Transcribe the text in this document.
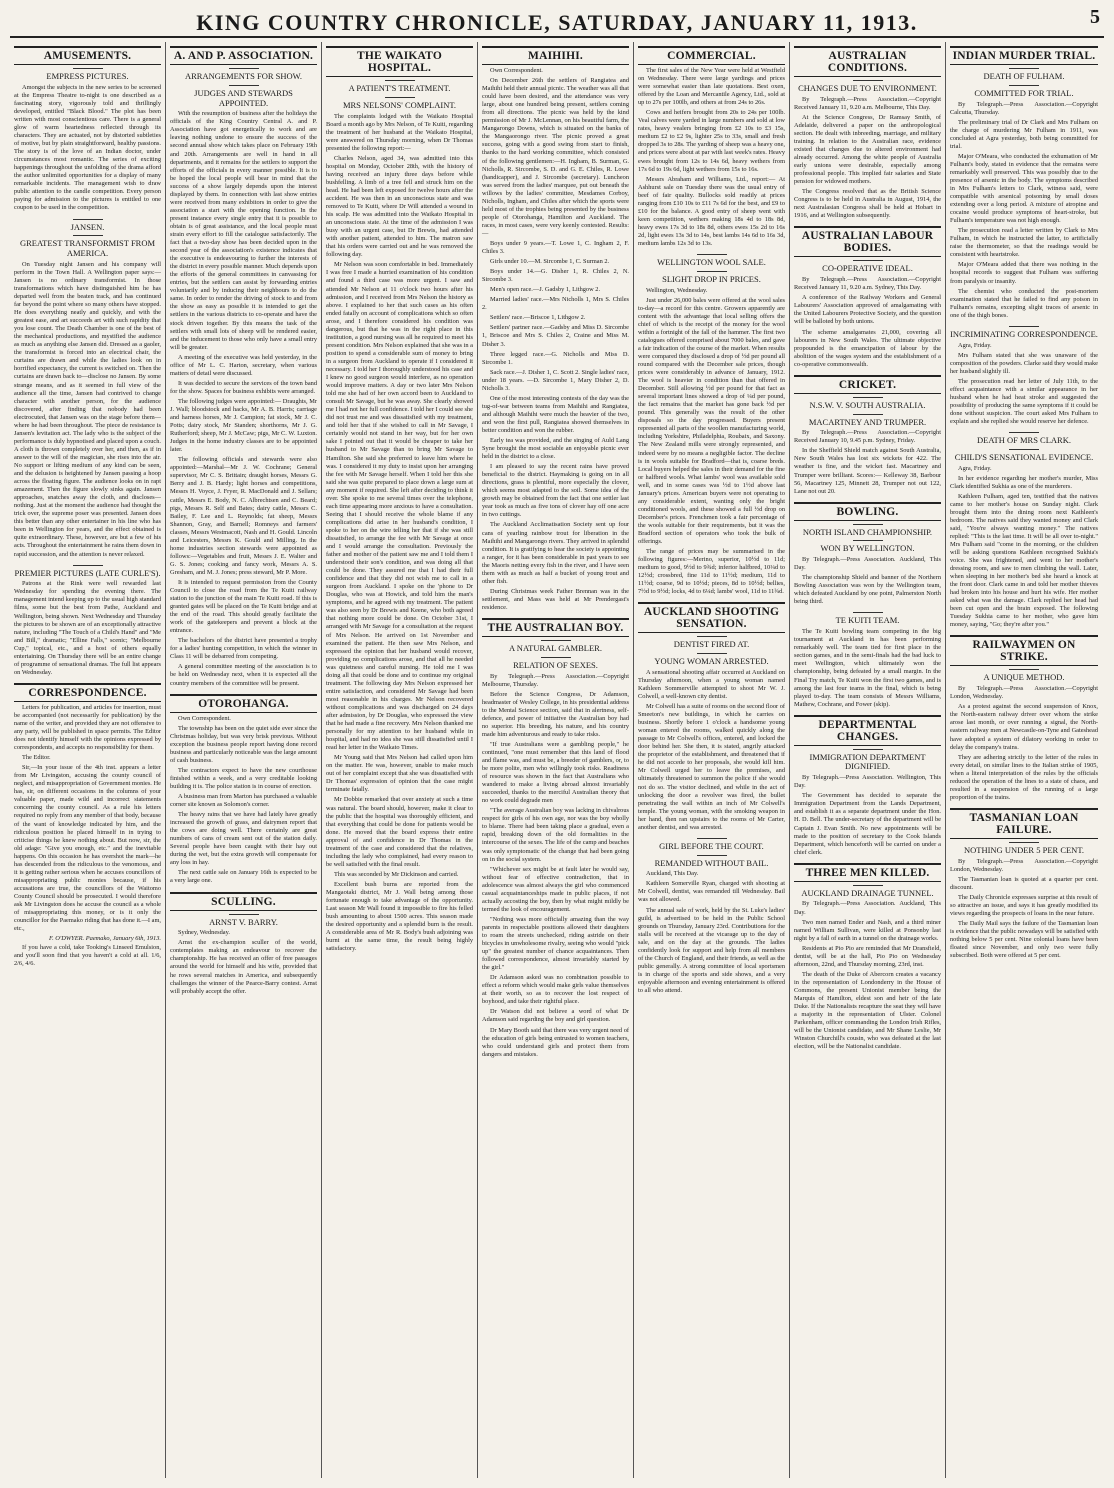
KING COUNTRY CHRONICLE, SATURDAY, JANUARY 11, 1913.	5
AMUSEMENTS.
EMPRESS PICTURES.

Amongst the subjects in the new series to be screened at the Empress Theatre to-night is one described as a fascinating story, vigorously told and thrillingly developed, entitled "Black Blood." The plot has been written with most conscientious care. There is a general glow of warm heartedness reflected through its characters. They are actuated, not by distorted subtleties of motive, but by plain straightforward, healthy passions. The story is of the love of an Indian doctor, under circumstances most romantic. The series of exciting happenings throughout the unfolding of the drama afford the author unlimited opportunities for a display of many remarkable incidents. The management wish to draw public attention to the candle competition. Every person paying for admission to the pictures is entitled to one coupon to be used in the competition.

JANSEN.
GREATEST TRANSFORMIST FROM AMERICA.

On Tuesday night Jansen and his company will perform in the Town Hall. A Wellington paper says:—Jansen is no ordinary transformist. In those transformations which have distinguished him he has departed well from the beaten track, and has continued far beyond the point where so many others have stopped. He does everything neatly and quickly, and with the greatest ease, and art succeeds art with such rapidity that you lose count. The Death Chamber is one of the best of the mechanical productions, and mystified the audience as much as anything else Jansen did. Dressed as a gaoler, the transformist is forced into an electrical chair, the curtains are drawn and while the ladies look on in horrified expectancy, the current is switched on. Then the curtains are drawn back to—disclose no Jansen. By some strange means, and as it seemed in full view of the audience all the time, Jansen had contrived to change character with another person, for the audience discovered, after finding that nobody had been electrocuted, that Jansen was on the stage before them—where he had been throughout. The piece de resistance is Jansen's levitation act. The lady who is the subject of the performance is duly hypnotised and placed upon a couch. A cloth is thrown completely over her, and then, as if in answer to the will of the magician, she rises into the air. No support or lifting medium of any kind can be seen, and the delusion is heightened by Jansen passing a hoop across the floating figure. The audience looks on in rapt amazement. Then the figure slowly sinks again. Jansen approaches, snatches away the cloth, and discloses—nothing. Just at the moment the audience had thought the trick over, the supreme poser was presented. Jansen does this better than any other entertainer in his line who has been in Wellington for years, and the effect obtained is quite extraordinary. These, however, are but a few of his acts. Throughout the entertainment he rains them down in rapid succession, and the attention is never relaxed.

PREMIER PICTURES (LATE CURLE'S).

Patrons at the Rink were well rewarded last Wednesday for spending the evening there. The management intend keeping up to the usual high standard films, some but the best from Pathe, Auckland and Wellington, being shown. Next Wednesday and Thursday the pictures to be shown are of an exceptionally attractive nature, including "The Touch of a Child's Hand" and "Me and Bill," dramatic; "Elline Falls," scenic; "Melbourne Cup," topical, etc., and a host of others equally entertaining. On Thursday there will be an entire change of programme of sensational dramas. The full list appears on Wednesday.

CORRESPONDENCE.

Letters for publication, and articles for insertion, must be accompanied (not necessarily for publication) by the name of the writer, and provided they are not offensive to any party, will be published in space permits. The Editor does not identify himself with the opinions expressed by correspondents, and accepts no responsibility for them.

The Editor.

Sir,—In your issue of the 4th inst. appears a letter from Mr Livingston, accusing the county council of neglect, and misappropriation of Government monies. He has, sir, on different occasions in the columns of your valuable paper, made wild and incorrect statements concerning the county council. As a rule his letters required no reply from any member of that body, because of the want of knowledge indicated by him, and the ridiculous position he placed himself in in trying to criticise things he knew nothing about. But now, sir, the old adage: "Give you enough, etc." and the inevitable happens. On this occasion he has overshot the mark—he has descended from the ridiculous to the venomous, and it is getting rather serious when he accuses councillors of misappropriating public monies because, if his accusations are true, the councillors of the Waitomo County Council should be prosecuted. I would therefore ask Mr Livingston does he accuse the council as a whole of misappropriating this money, or is it only the councillor for the Paemako riding that has done it.—I am, etc.,

F. O'DWYER. Paemako, January 6th, 1913.

If you have a cold, take Tooking's Linseed Emulsion, and you'll soon find that you haven't a cold at all. 1/6, 2/6, 4/6.

A. AND P. ASSOCIATION.
ARRANGEMENTS FOR SHOW.
JUDGES AND STEWARDS APPOINTED.

With the resumption of business after the holidays the officials of the King Country Central A. and P. Association have got energetically to work and are leaving nothing undone to ensure the success of the second annual show which takes place on February 19th and 20th. Arrangements are well in hand in all departments, and it remains for the settlers to support the efforts of the officials in every manner possible. It is to be hoped the local people will bear in mind that the success of a show largely depends upon the interest displayed by them. In connection with last show entries were received from many exhibitors in order to give the association a start with the opening function. In the present instance every single entry that it is possible to obtain is of great assistance, and the local people must strain every effort to fill the catalogue satisfactorily. The fact that a two-day show has been decided upon in the second year of the association's existence indicates that the executive is endeavouring to further the interests of the district in every possible manner. Much depends upon the efforts of the general committees in canvassing for entries, but the settlers can assist by forwarding entries voluntarily and by inducing their neighbours to do the same. In order to render the driving of stock to and from the show as easy as possible it is intended to get the settlers in the various districts to co-operate and have the stock driven together. By this means the task of the settlers with small lots of sheep will be rendered easier, and the inducement to those who only have a small entry will be greater.

A meeting of the executive was held yesterday, in the office of Mr L. C. Harton, secretary, when various matters of detail were discussed.

It was decided to secure the services of the town band for the show. Spaces for business exhibits were arranged.

The following judges were appointed:— Draughts, Mr J. Wall; bloodstock and hacks, Mr A. B. Harris; carriage and harness horses, Mr J. Campion; fat stock, Mr J. C. Potts; dairy stock, Mr Standen; shorthorns, Mr J. G. Rutherford; sheep, Mr J. McCaw; pigs, Mr C. W. Luxton. Judges in the home industry classes are to be appointed later.

The following officials and stewards were also appointed:—Marshal—Mr J. W. Cochrane; General supervisor, Mr C. S. Brittain; draught horses, Messrs G. Berry and J. B. Hardy; light horses and competitions, Messrs H. Voyce, J. Fryer, R. MacDonald and J. Sellars; cattle, Messrs E. Body, N. C. Albrechtsen and C. Beard; pigs, Messrs R. Self and Bates; dairy cattle, Messrs C. Bailey, F. Lee and L. Reynolds; fat sheep, Messrs Shannon, Gray, and Barnell; Romneys and farmers' classes, Messrs Westmacott, Nash and H. Gould. Lincoln and Leicesters, Messrs K. Gould and Milling. In the home industries section stewards were appointed as follows:—Vegetables and fruit, Messrs J. E. Walter and G. S. Jones; cooking and fancy work, Messrs A. S. Gresham, and M. J. Jones; press steward, Mr P. More.

It is intended to request permission from the County Council to close the road from the Te Kuiti railway station to the junction of the main Te Kuiti road. If this is granted gates will be placed on the Te Kuiti bridge and at the end of the road. This should greatly facilitate the work of the gatekeepers and prevent a block at the entrance.

The bachelors of the district have presented a trophy for a ladies' hunting competition, in which the winner in Class 11 will be debarred from competing.

A general committee meeting of the association is to be held on Wednesday next, when it is expected all the country members of the committee will be present.

OTOROHANGA.

Own Correspondent.

The township has been on the quiet side ever since the Christmas holiday, but was very brisk previous. Without exception the business people report having done record business and particularly noticeable was the large amount of cash business.

The contractors expect to have the new courthouse finished within a week, and a very creditable looking building it is. The police station is in course of erection.

A business man from Marton has purchased a valuable corner site known as Solomon's corner.

The heavy rains that we have had lately have greatly increased the growth of grass, and dairymen report that the cows are doing well. There certainly are great numbers of cans of cream sent out of the station daily. Several people have been caught with their hay out during the wet, but the extra growth will compensate for any loss in hay.

The next cattle sale on January 16th is expected to be a very large one.

SCULLING.
ARNST V. BARRY.

Sydney, Wednesday.

Arnst the ex-champion sculler of the world, contemplates making an endeavour to recover the championship. He has received an offer of free passages around the world for himself and his wife, provided that he rows several matches in America, and subsequently challenges the winner of the Pearce-Barry contest. Arnst will probably accept the offer.

THE WAIKATO HOSPITAL.
A PATIENT'S TREATMENT.
MRS NELSONS' COMPLAINT.

The complaints lodged with the Waikato Hospital Board a month ago by Mrs Nelson, of Te Kuiti, regarding the treatment of her husband at the Waikato Hospital, were answered on Thursday morning, when Dr Thomas presented the following report:—

Charles Nelson, aged 34, was admitted into this hospital on Monday, October 28th, with the history of having received an injury three days before while bushfelling. A limb of a tree fell and struck him on the head. He had been left exposed for twelve hours after the accident. He was then in an unconscious state and was removed to Te Kuiti, where Dr Will attended a wound in his scalp. He was admitted into the Waikato Hospital in an unconscious state. At the time of the admission I was busy with an urgent case, but Dr Brewis, had attended with another patient, attended to him. The matron saw that his orders were carried out and he was removed the following day.

Mr Nelson was soon comfortable in bed. Immediately I was free I made a hurried examination of his condition and found a third case was more urgent. I saw and attended Mr Nelson at 11 o'clock two hours after his admission, and I received from Mrs Nelson the history as above. I explained to her that such cases as his often ended fatally on account of complications which so often arose, and I therefore considered his condition was dangerous, but that he was in the right place in this institution, a good nursing was all he required to meet his present condition. Mrs Nelson explained that she was in a position to spend a considerable sum of money to bring in a surgeon from Auckland to operate if I considered it necessary. I told her I thoroughly understood his case and I knew no good surgeon would interfere, as no operation would improve matters. A day or two later Mrs Nelson told me she had of her own accord been to Auckland to consult Mr Savage, but he was away. She clearly showed me I had not her full confidence. I told her I could see she did not trust me and was dissatisfied with my treatment, and told her that if she wished to call in Mr Savage, I certainly would not stand in her way, but for her own sake I pointed out that it would be cheaper to take her husband to Mr Savage than to bring Mr Savage to Hamilton. She said she preferred to leave him where he was. I considered it my duty to insist upon her arranging the fee with Mr Savage herself. When I told her this she said she was quite prepared to place down a large sum at any moment if required. She left after deciding to think it over. She spoke to me several times over the telephone, each time appearing more anxious to have a consultation. Seeing that I should receive the whole blame if any complications did arise in her husband's condition, I spoke to her on the wire telling her that if she was still dissatisfied, to arrange the fee with Mr Savage at once and I would arrange the consultation. Previously the father and mother of the patient saw me and I told them I understood their son's condition, and was doing all that could be done. They assured me that I had their full confidence and that they did not wish me to call in a surgeon from Auckland. I spoke on the 'phone to Dr Douglas, who was at Howick, and told him the man's symptoms, and he agreed with my treatment. The patient was also seen by Dr Brewis and Keene, who both agreed that nothing more could be done. On October 31st, I arranged with Mr Savage for a consultation at the request of Mrs Nelson. He arrived on 1st November and examined the patient. He then saw Mrs Nelson, and expressed the opinion that her husband would recover, providing no complications arose, and that all he needed was quietness and careful nursing. He told me I was doing all that could be done and to continue my original treatment. The following day Mrs Nelson expressed her entire satisfaction, and considered Mr Savage had been most reasonable in his charges. Mr Nelson recovered without complications and was discharged on 24 days after admission, by Dr Douglas, who expressed the view that he had made a fine recovery. Mrs Nelson thanked me personally for my attention to her husband while in hospital, and had no idea she was still dissatisfied until I read her letter in the Waikato Times.

Mr Young said that Mrs Nelson had called upon him on the matter. He was, however, unable to make much out of her complaint except that she was dissatisfied with Dr Thomas' expression of opinion that the case might terminate fatally.

Mr Dobbie remarked that over anxiety at such a time was natural. The board should, however, make it clear to the public that the hospital was thoroughly efficient, and that everything that could be done for patients would be done. He moved that the board express their entire approval of and confidence in Dr Thomas in the treatment of the case and considered that the relatives, including the lady who complained, had every reason to be well satisfied with the final result.

This was seconded by Mr Dickinson and carried.

Excellent bush burns are reported from the Mangaotaki district, Mr J. Wall being among those fortunate enough to take advantage of the opportunity. Last season Mr Wall found it impossible to fire his felled bush amounting to about 1500 acres. This season made the desired opportunity and a splendid burn is the result. A considerable area of Mr R. Body's bush adjoining was burnt at the same time, the result being highly satisfactory.

MAIHIHI.

Own Correspondent.

On December 26th the settlers of Rangiatea and Maihihi held their annual picnic. The weather was all that could have been desired, and the attendance was very large, about one hundred being present, settlers coming from all directions. The picnic was held by the kind permission of Mr J. McLennan, on his beautiful farm, the Mangarongo Downs, which is situated on the banks of the Mangaorongo river. The picnic proved a great success, going with a good swing from start to finish, thanks to the hard working committee, which consisted of the following gentlemen:—H. Ingham, B. Surman, G. Nicholls, R. Sircombe, S. D. and G. E. Chiles, R. Lowe (handicapper), and J. Sircombe (secretary). Luncheon was served from the ladies' marquee, put out beneath the willows by the ladies' committee, Mesdames Corboy, Nicholls, Ingham, and Chiles after which the sports were held most of the trophies being presented by the business people of Otorohanga, Hamilton and Auckland. The races, in most cases, were very keenly contested. Results:—

Boys under 9 years.—T. Lowe 1, C. Ingham 2, F. Chiles 3.

Girls under 10.—M. Sircombe 1, C. Surman 2.

Boys under 14.—G. Disher 1, R. Chiles 2, N. Sircombe 3.

Men's open race.—J. Gadsby 1, Lithgow 2.

Married ladies' race.—Mrs Nicholls 1, Mrs S. Chiles 2.

Settlers' race.—Briscoe 1, Lithgow 2.

Settlers' partner race.—Gadsby and Miss D. Sircombe 1, Briscoe and Mrs S. Chiles 2, Craine and Miss M. Disher 3.

Three legged race.—G. Nicholls and Miss D. Sircombe 1.

Sack race.—J. Disher 1, C. Scott 2. Single ladies' race, under 18 years. —D. Sircombe 1, Mary Disher 2, D. Nicholls 3.

One of the most interesting contests of the day was the tug-of-war between teams from Maihihi and Rangiatea, and although Maihihi were much the heavier of the two, and won the first pull, Rangiatea showed themselves in better condition and won the rubber.

Early tea was provided, and the singing of Auld Lang Syne brought the most sociable an enjoyable picnic ever held in the district to a close.

I am pleased to say the recent rains have proved beneficial to the district. Haymaking is going on in all directions, grass is plentiful, more especially the clover, which seems most adapted to the soil. Some idea of the growth may be obtained from the fact that one settler last year took as much as five tons of clover hay off one acre in two cuttings.

The Auckland Acclimatisation Society sent up four cans of yearling rainbow trout for liberation in the Maihihi and Mangarongo rivers. They arrived in splendid condition. It is gratifying to hear the society is appointing a ranger, for it has been considerable in past years to see the Maoris netting every fish in the river, and I have seen them with as much as half a bucket of young trout and other fish.

During Christmas week Father Brennan was in the settlement, and Mass was held at Mr Prendergast's residence.

THE AUSTRALIAN BOY.
A NATURAL GAMBLER.
RELATION OF SEXES.

By Telegraph.—Press Association.—Copyright Melbourne, Thursday.

Before the Science Congress, Dr Adamson, headmaster of Wesley College, in his presidential address to the Mental Science section, said that in alertness, self-defence, and power of initiative the Australian boy had no superior. His breeding, his nature, and his country made him adventurous and ready to take risks.

"If true Australians were a gambling people," he continued, "one must remember that this land of flood and flame was, and must be, a breeder of gamblers, or, to be more polite, men who willingly took risks. Readiness of resource was shown in the fact that Australians who wandered to make a living abroad almost invariably succeeded, thanks to the merciful Australian theory that no work could degrade men

"The average Australian boy was lacking in chivalrous respect for girls of his own age, nor was the boy wholly to blame. There had been taking place a gradual, even a rapid, breaking down of the old formalities in the intercourse of the sexes. The life of the camp and beaches was only symptomatic of the change that had been going on in the social system.

"Whichever sex might be at fault later he would say, without fear of effective contradiction, that in adolescence was almost always the girl who commenced casual acquaintanceships made in public places, if not actually accosting the boy, then by what might mildly be termed the look of encouragement.

"Nothing was more officially amazing than the way parents in respectable positions allowed their daughters to roam the streets unchecked, riding astride on their bicycles in unwholesome rivalry, seeing who would "pick up" the greatest number of chance acquaintances. Then followed correspondence, almost invariably started by the girl."

Dr Adamson asked was no combination possible to effect a reform which would make girls value themselves at their worth, so as to recover the lost respect of boyhood, and take their rightful place.

Dr Watson did not believe a word of what Dr Adamson said regarding the boy and girl question.

Dr Mary Booth said that there was very urgent need of the education of girls being entrusted to women teachers, who could understand girls and protect them from dangers and mistakes.

COMMERCIAL.

The first sales of the New Year were held at Westfield on Wednesday. There were large yardings and prices were somewhat easier than late quotations. Best oxen, offered by the Loan and Mercantile Agency, Ltd., sold at up to 27s per 100lb, and others at from 24s to 26s.

Cows and heifers brought from 20s to 24s per 100lb. Veal calves were yarded in large numbers and sold at low rates, heavy vealers bringing from £2 10s to £3 15s, medium £2 to £2 9s, lighter 25s to 33s, small and fresh dropped 3s to 28s. The yarding of sheep was a heavy one, and prices were about at par with last week's rates. Heavy ewes brought from 12s to 14s 6d, heavy wethers from 17s 6d to 19s 6d, light wethers from 15s to 16s.

Messrs Abraham and Williams, Ltd., report:— At Ashhurst sale on Tuesday there was the usual entry of beef of fair quality. Bullocks sold readily at prices ranging from £10 10s to £11 7s 6d for the best, and £9 to £10 for the balance. A good entry of sheep went with keen competition, wethers making 18s 4d to 18s 8d, heavy ewes 17s 3d to 18s 8d, others ewes 15s 2d to 16s 2d, light ewes 13s 3d to 14s, best lambs 14s 6d to 16s 3d, medium lambs 12s 3d to 13s.

WELLINGTON WOOL SALE.
SLIGHT DROP IN PRICES.

Wellington, Wednesday.

Just under 26,000 bales were offered at the wool sales to-day—a record for this centre. Growers apparently are content with the advantage that local selling offers the chief of which is the receipt of the money for the wool within a fortnight of the fall of the hammer. The first two catalogues offered comprised about 7000 bales, and gave a fair indication of the course of the market. When results were compared they disclosed a drop of ½d per pound all round compared with the December sale prices, though prices were considerably in advance of January, 1912. The wool is heavier in condition than that offered in December. Still allowing ½d per pound for that fact as several important lines showed a drop of ¼d per pound, the fact remains that the market has gone back ½d per pound. This generally was the result of the other disposals so the day progressed. Buyers present represented all parts of the woollen manufacturing world, including Yorkshire, Philadelphia, Roubaix, and Saxony. The New Zealand mills were strongly represented, and indeed were by no means a negligible factor. The decline is in wools suitable for Bradford—that is, coarse breds. Local buyers helped the sales in their demand for the fine or halfbred wools. What lambs' wool was available sold well, and in some cases was ½d to 1½d above last January's prices. American buyers were not operating to any considerable extent, wanting only the bright conditioned wools, and these showed a full ½d drop on December's prices. Frenchmen took a fair percentage of the wools suitable for their requirements, but it was the Bradford section of operators who took the bulk of offerings.

The range of prices may be summarised in the following figures:—Merino, superior, 10½d to 11d; medium to good, 9½d to 9¾d; inferior halfbred, 10¼d to 12½d; crossbred, fine 11d to 11½d; medium, 11d to 11½d; coarse, 9d to 10½d; pieces, 8d to 10½d; bellies, 7½d to 9½d; locks, 4d to 6¼d; lambs' wool, 11d to 11¾d.

AUCKLAND SHOOTING SENSATION.
DENTIST FIRED AT.
YOUNG WOMAN ARRESTED.

A sensational shooting affair occurred at Auckland on Thursday afternoon, when a young woman named Kathleen Sommerville attempted to shoot Mr W. J. Colwell, a well-known city dentist.

Mr Colwell has a suite of rooms on the second floor of Smeeton's new buildings, in which he carries on business. Shortly before 1 o'clock a handsome young woman entered the rooms, walked quickly along the passage to Mr Colwell's offices, entered, and locked the door behind her. She then, it is stated, angrily attacked the proprietor of the establishment, and threatened that if he did not accede to her proposals, she would kill him. Mr Colwell urged her to leave the premises, and ultimately threatened to summon the police if she would not do so. The visitor declined, and while in the act of unlocking the door a revolver was fired, the bullet penetrating the wall within an inch of Mr Colwell's temple. The young woman, with the smoking weapon in her hand, then ran upstairs to the rooms of Mr Carter, another dentist, and was arrested.

GIRL BEFORE THE COURT.
REMANDED WITHOUT BAIL.

Auckland, This Day.

Kathleen Somerville Ryan, charged with shooting at Mr Colwell, dentist, was remanded till Wednesday. Bail was not allowed.

The annual sale of work, held by the St. Luke's ladies' guild, is advertised to be held in the Public School grounds on Thursday, January 23rd. Contributions for the stalls will be received at the vicarage up to the day of sale, and on the day at the grounds. The ladies confidently look for support and help from all members of the Church of England, and their friends, as well as the public generally. A strong committee of local sportsmen is in charge of the sports and side shows, and a very enjoyable afternoon and evening entertainment is offered to all who attend.

AUSTRALIAN CONDITIONS.
CHANGES DUE TO ENVIRONMENT.

By Telegraph.—Press Association.—Copyright Received January 11, 9.20 a.m. Melbourne, This Day.

At the Science Congress, Dr Ramsay Smith, of Adelaide, delivered a paper on the anthropological section. He dealt with inbreeding, marriage, and military training. In relation to the Australian race, evidence existed that changes due to altered environment had already occurred. Among the white people of Australia early unions were desirable, especially among professional people. This implied fair salaries and State pension for widowed mothers.

The Congress resolved that as the British Science Congress is to be held in Australia in August, 1914, the next Australasian Congress shall be held at Hobart in 1916, and at Wellington subsequently.

AUSTRALIAN LABOUR BODIES.
CO-OPERATIVE IDEAL.

By Telegraph.—Press Association.—Copyright Received January 11, 9.20 a.m. Sydney, This Day.

A conference of the Railway Workers and General Labourers' Association approved of amalgamating with the United Labourers Protective Society, and the question will be balloted by both unions.

The scheme amalgamates 21,000, covering all labourers in New South Wales. The ultimate objective propounded is the emancipation of labour by the abolition of the wages system and the establishment of a co-operative commonwealth.

CRICKET.
N.S.W. V. SOUTH AUSTRALIA.
MACARTNEY AND TRUMPER.

By Telegraph.—Press Association.—Copyright Received January 10, 9.45 p.m. Sydney, Friday.

In the Sheffield Shield match against South Australia, New South Wales has lost six wickets for 422. The weather is fine, and the wicket fast. Macartney and Trumper were brilliant. Scores:— Kelleway 38, Barbour 56, Macartney 125, Minnett 28, Trumper not out 122, Lane not out 20.

BOWLING.
NORTH ISLAND CHAMPIONSHIP.
WON BY WELLINGTON.

By Telegraph.—Press Association. Auckland, This Day.

The championship Shield and banner of the Northern Bowling Association was won by the Wellington team, which defeated Auckland by one point, Palmerston North being third.

TE KUITI TEAM.

The Te Kuiti bowling team competing in the big tournament at Auckland in has been performing remarkably well. The team tied for first place in the section games, and in the semi-finals had the bad luck to meet Wellington, which ultimately won the championship, being defeated by a small margin. In the Final Try match, Te Kuiti won the first two games, and is among the last four teams in the final, which is being played to-day. The team consists of Messrs Williams, Mathew, Cochrane, and Fower (skip).

DEPARTMENTAL CHANGES.
IMMIGRATION DEPARTMENT DIGNIFIED.

By Telegraph.—Press Association. Wellington, This Day.

The Government has decided to separate the Immigration Department from the Lands Department, and establish it as a separate department under the Hon. H. D. Bell. The under-secretary of the department will be Captain J. Evan Smith. No new appointments will be made to the position of secretary to the Cook Islands Department, which henceforth will be carried on under a chief clerk.

THREE MEN KILLED.
AUCKLAND DRAINAGE TUNNEL.

By Telegraph.—Press Association. Auckland, This Day.

Two men named Ender and Nash, and a third miner named William Sullivan, were killed at Ponsonby last night by a fall of earth in a tunnel on the drainage works.

Residents at Pio Pio are reminded that Mr Dransfield, dentist, will be at the hall, Pio Pio on Wednesday afternoon, 22nd, and Thursday morning, 23rd, inst.

The death of the Duke of Abercorn creates a vacancy in the representation of Londonderry in the House of Commons, the present Unionist member being the Marquis of Hamilton, eldest son and heir of the late Duke. If the Nationalists recapture the seat they will have a majority in the representation of Ulster. Colonel Parkenham, officer commanding the London Irish Rifles, will be the Unionist candidate, and Mr Shane Leslie, Mr Winston Churchill's cousin, who was defeated at the last election, will be the Nationalist candidate.

INDIAN MURDER TRIAL.
DEATH OF FULHAM.
COMMITTED FOR TRIAL.

By Telegraph.—Press Association.—Copyright Calcutta, Thursday.

The preliminary trial of Dr Clark and Mrs Fulham on the charge of murdering Mr Fulham in 1911, was concluded at Agra yesterday, both being committed for trial.

Major O'Meara, who conducted the exhumation of Mr Fulham's body, stated in evidence that the remains were remarkably well preserved. This was possibly due to the presence of arsenic in the body. The symptoms described in Mrs Fulham's letters to Clark, witness said, were compatible with arsenical poisoning by small doses extending over a long period. A mixture of atropine and cocaine would produce symptoms of heart-stroke, but Fulham's temperature was not high enough.

The prosecution read a letter written by Clark to Mrs Fulham, in which he instructed the latter, to artificially raise the thermometer, so that the readings would be consistent with heartstroke.

Major O'Meara added that there was nothing in the hospital records to suggest that Fulham was suffering from paralysis or insanity.

The chemist who conducted the post-mortem examination stated that he failed to find any poison in Fulham's remains, excepting slight traces of arsenic in one of the thigh bones.

INCRIMINATING CORRESPONDENCE.

Agra, Friday.

Mrs Fulham stated that she was unaware of the composition of the powders. Clarke said they would make her husband slightly ill.

The prosecution read her letter of July 11th, to the effect acquaintance with a similar appearance in her husband when he had heat stroke and suggested the possibility of producing the same symptoms if it could be done without suspicion. The court asked Mrs Fulham to explain and she replied she would reserve her defence.

DEATH OF MRS CLARK.
CHILD'S SENSATIONAL EVIDENCE.

Agra, Friday.

In her evidence regarding her mother's murder, Miss Clark identified Sukhia as one of the murderers.

Kathleen Fulham, aged ten, testified that the natives came to her mother's house on Sunday night. Clark brought them into the dining room next Kathleen's bedroom. The natives said they wanted money and Clark said, "You're always wanting money." The natives replied: "This is the last time. It will be all over to-night." Mrs Fulham said "come in the morning, or the children will be asking questions Kathleen recognised Sukhia's voice. She was frightened, and went to her mother's dressing room, and saw to men climbing the wall. Later, when sleeping in her mother's bed she heard a knock at the front door. Clark came in and told her mother thieves had broken into his house and hurt his wife. Her mother asked what was the damage. Clark replied her head had been cut open and the brain exposed. The following Tuesday Sukhia came to her mother, who gave him money, saying, "Go; they're after you."

RAILWAYMEN ON STRIKE.
A UNIQUE METHOD.

By Telegraph.—Press Association.—Copyright London, Wednesday.

As a protest against the second suspension of Knox, the North-eastern railway driver over whom the strike arose last month, or over running a signal, the North-eastern railway men at Newcastle-on-Tyne and Gateshead have adopted a system of dilatory working in order to delay the company's trains.

They are adhering strictly to the letter of the rules in every detail, on similar lines to the Italian strike of 1905, when a literal interpretation of the rules by the officials reduced the operation of the lines to a state of chaos, and resulted in a suspension of the running of a large proportion of the trains.

TASMANIAN LOAN FAILURE.
NOTHING UNDER 5 PER CENT.

By Telegraph.—Press Association.—Copyright London, Wednesday.

The Tasmanian loan is quoted at a quarter per cent. discount.

The Daily Chronicle expresses surprise at this result of so attractive an issue, and says it has greatly modified its views regarding the prospects of loans in the near future.

The Daily Mail says the failure of the Tasmanian loan is evidence that the public nowadays will be satisfied with nothing below 5 per cent. Nine colonial loans have been floated since November, and only two were fully subscribed. Both were offered at 5 per cent.
